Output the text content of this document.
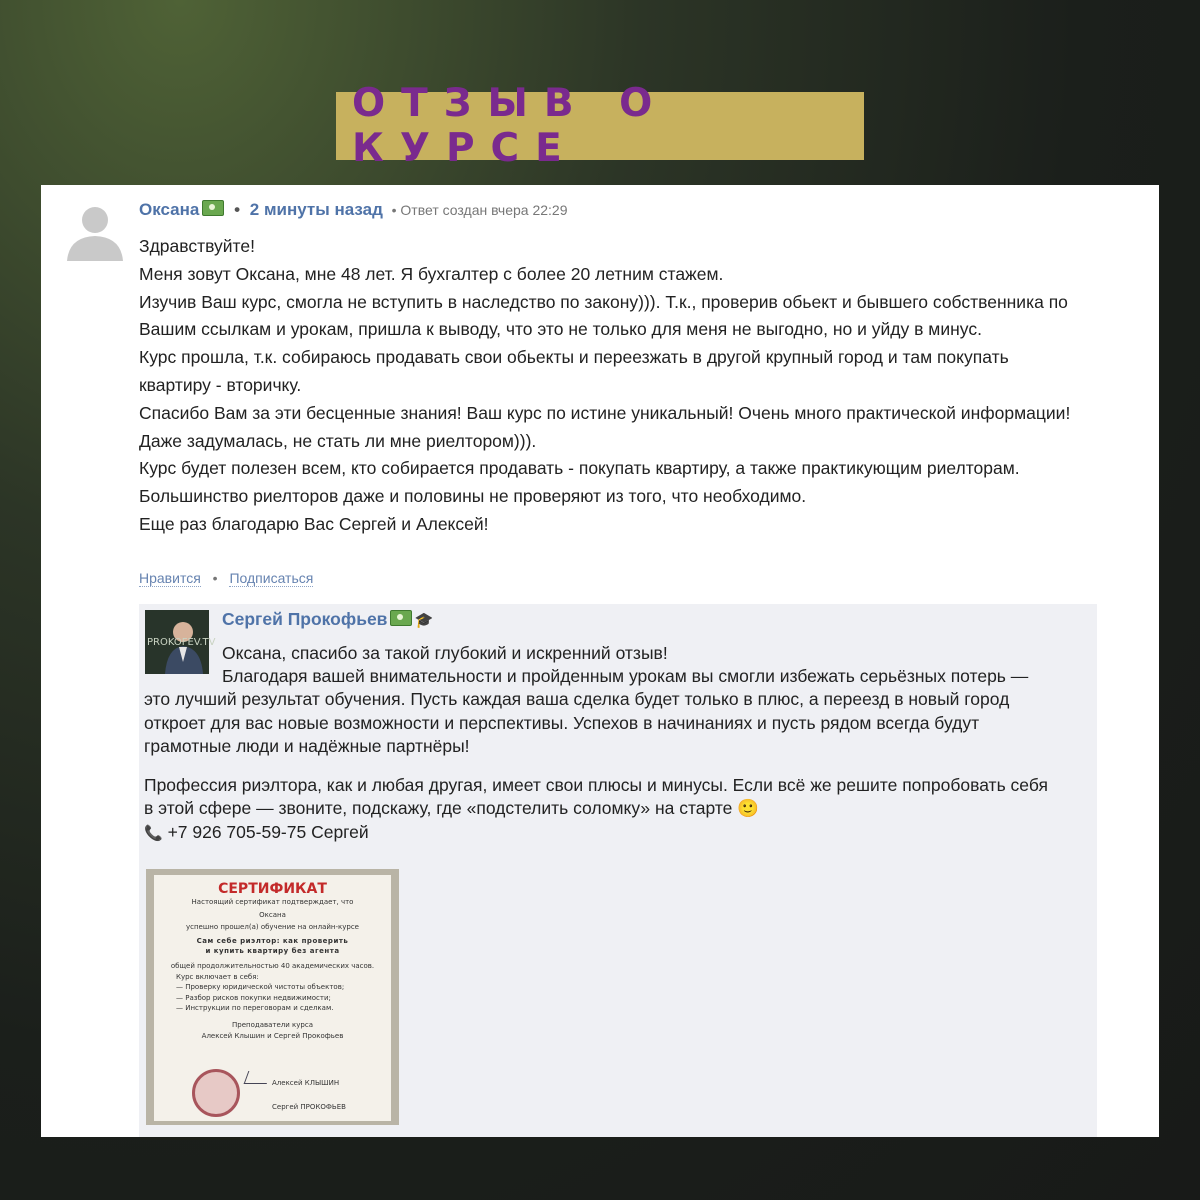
ОТЗЫВ О КУРСЕ
Оксана • 2 минуты назад • Ответ создан вчера 22:29
Здравствуйте!
Меня зовут Оксана, мне 48 лет. Я бухгалтер с более 20 летним стажем.
Изучив Ваш курс, смогла не вступить в наследство по закону))). Т.к., проверив обьект и бывшего собственника по
Вашим ссылкам и урокам, пришла к выводу, что это не только для меня не выгодно, но и уйду в минус.
Курс прошла, т.к. собираюсь продавать свои обьекты и переезжать в другой крупный город и там покупать
квартиру - вторичку.
Спасибо Вам за эти бесценные знания! Ваш курс по истине уникальный! Очень много практической информации!
Даже задумалась, не стать ли мне риелтором))).
Курс будет полезен всем, кто собирается продавать - покупать квартиру, а также практикующим риелторам.
Большинство риелторов даже и половины не проверяют из того, что необходимо.
Еще раз благодарю Вас Сергей и Алексей!
Нравится • Подписаться
PROKOFEV.TV
Сергей Прокофьев 🎓
Оксана, спасибо за такой глубокий и искренний отзыв!
Благодаря вашей внимательности и пройденным урокам вы смогли избежать серьёзных потерь —
это лучший результат обучения. Пусть каждая ваша сделка будет только в плюс, а переезд в новый город
откроет для вас новые возможности и перспективы. Успехов в начинаниях и пусть рядом всегда будут
грамотные люди и надёжные партнёры!
Профессия риэлтора, как и любая другая, имеет свои плюсы и минусы. Если всё же решите попробовать себя
в этой сфере — звоните, подскажу, где «подстелить соломку» на старте 🙂
📞 +7 926 705-59-75 Сергей
СЕРТИФИКАТ
Настоящий сертификат подтверждает, что
Оксана
успешно прошел(а) обучение на онлайн-курсе
Сам себе риэлтор: как проверить
и купить квартиру без агента
общей продолжительностью 40 академических часов.
Курс включает в себя:
— Проверку юридической чистоты объектов;
— Разбор рисков покупки недвижимости;
— Инструкции по переговорам и сделкам.
Преподаватели курса
Алексей Клышин и Сергей Прокофьев
Алексей КЛЫШИН
Сергей ПРОКОФЬЕВ
